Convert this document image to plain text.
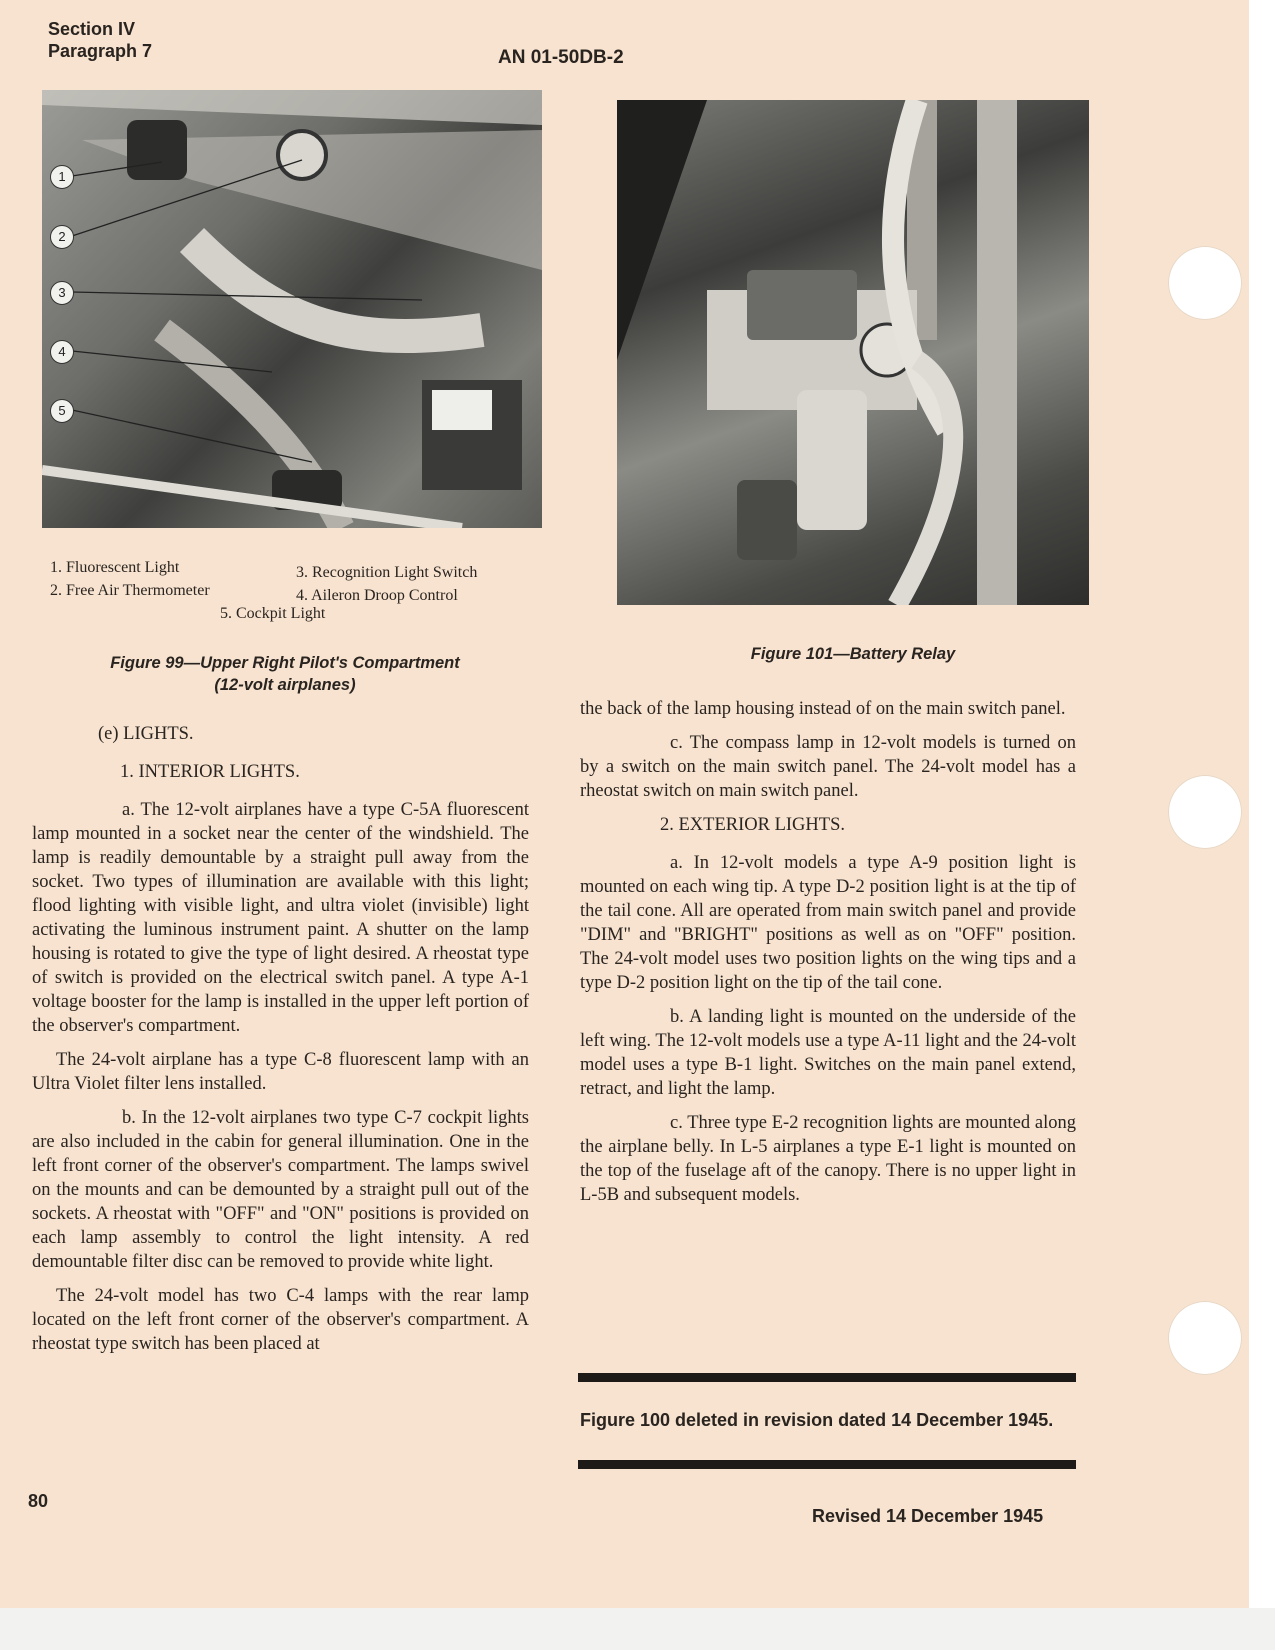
Section IV
Paragraph 7	AN 01-50DB-2
1
2
3
4
5
1. Fluorescent Light
2. Free Air Thermometer
3. Recognition Light Switch
4. Aileron Droop Control
5. Cockpit Light
Figure 99—Upper Right Pilot's Compartment
(12-volt airplanes)
Figure 101—Battery Relay

(e) LIGHTS.

1. INTERIOR LIGHTS.

a. The 12-volt airplanes have a type C-5A fluorescent lamp mounted in a socket near the center of the windshield. The lamp is readily demountable by a straight pull away from the socket. Two types of illumination are available with this light; flood lighting with visible light, and ultra violet (invisible) light activating the luminous instrument paint. A shutter on the lamp housing is rotated to give the type of light desired. A rheostat type of switch is provided on the electrical switch panel. A type A-1 voltage booster for the lamp is installed in the upper left portion of the observer's compartment.

The 24-volt airplane has a type C-8 fluorescent lamp with an Ultra Violet filter lens installed.

b. In the 12-volt airplanes two type C-7 cockpit lights are also included in the cabin for general illumination. One in the left front corner of the observer's compartment. The lamps swivel on the mounts and can be demounted by a straight pull out of the sockets. A rheostat with "OFF" and "ON" positions is provided on each lamp assembly to control the light intensity. A red demountable filter disc can be removed to provide white light.

The 24-volt model has two C-4 lamps with the rear lamp located on the left front corner of the observer's compartment. A rheostat type switch has been placed at

the back of the lamp housing instead of on the main switch panel.

c. The compass lamp in 12-volt models is turned on by a switch on the main switch panel. The 24-volt model has a rheostat switch on main switch panel.

2. EXTERIOR LIGHTS.

a. In 12-volt models a type A-9 position light is mounted on each wing tip. A type D-2 position light is at the tip of the tail cone. All are operated from main switch panel and provide "DIM" and "BRIGHT" positions as well as on "OFF" position. The 24-volt model uses two position lights on the wing tips and a type D-2 position light on the tip of the tail cone.

b. A landing light is mounted on the underside of the left wing. The 12-volt models use a type A-11 light and the 24-volt model uses a type B-1 light. Switches on the main panel extend, retract, and light the lamp.

c. Three type E-2 recognition lights are mounted along the airplane belly. In L-5 airplanes a type E-1 light is mounted on the top of the fuselage aft of the canopy. There is no upper light in L-5B and subsequent models.

Figure 100 deleted in revision dated 14 December 1945.
80
Revised 14 December 1945
